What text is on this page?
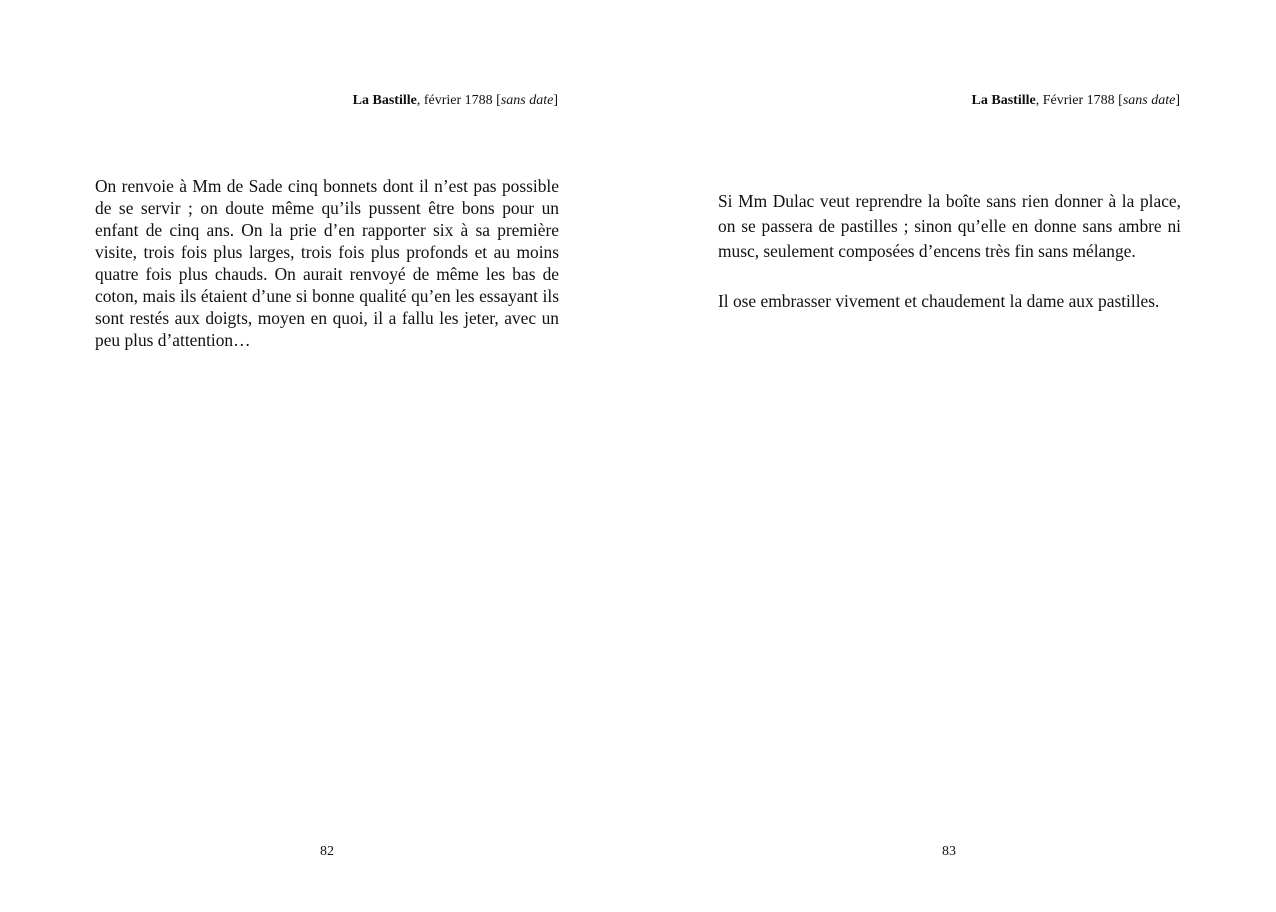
La Bastille, février 1788 [sans date]

On renvoie à Mm de Sade cinq bonnets dont il n’est pas possible de se servir ; on doute même qu’ils pussent être bons pour un enfant de cinq ans. On la prie d’en rapporter six à sa première visite, trois fois plus larges, trois fois plus profonds et au moins quatre fois plus chauds. On aurait renvoyé de même les bas de coton, mais ils étaient d’une si bonne qualité qu’en les essayant ils sont restés aux doigts, moyen en quoi, il a fallu les jeter, avec un peu plus d’attention…

82
La Bastille, Février 1788 [sans date]

Si Mm Dulac veut reprendre la boîte sans rien donner à la place, on se passera de pastilles ; sinon qu’elle en donne sans ambre ni musc, seulement composées d’encens très fin sans mélange.

Il ose embrasser vivement et chaudement la dame aux pastilles.

83
